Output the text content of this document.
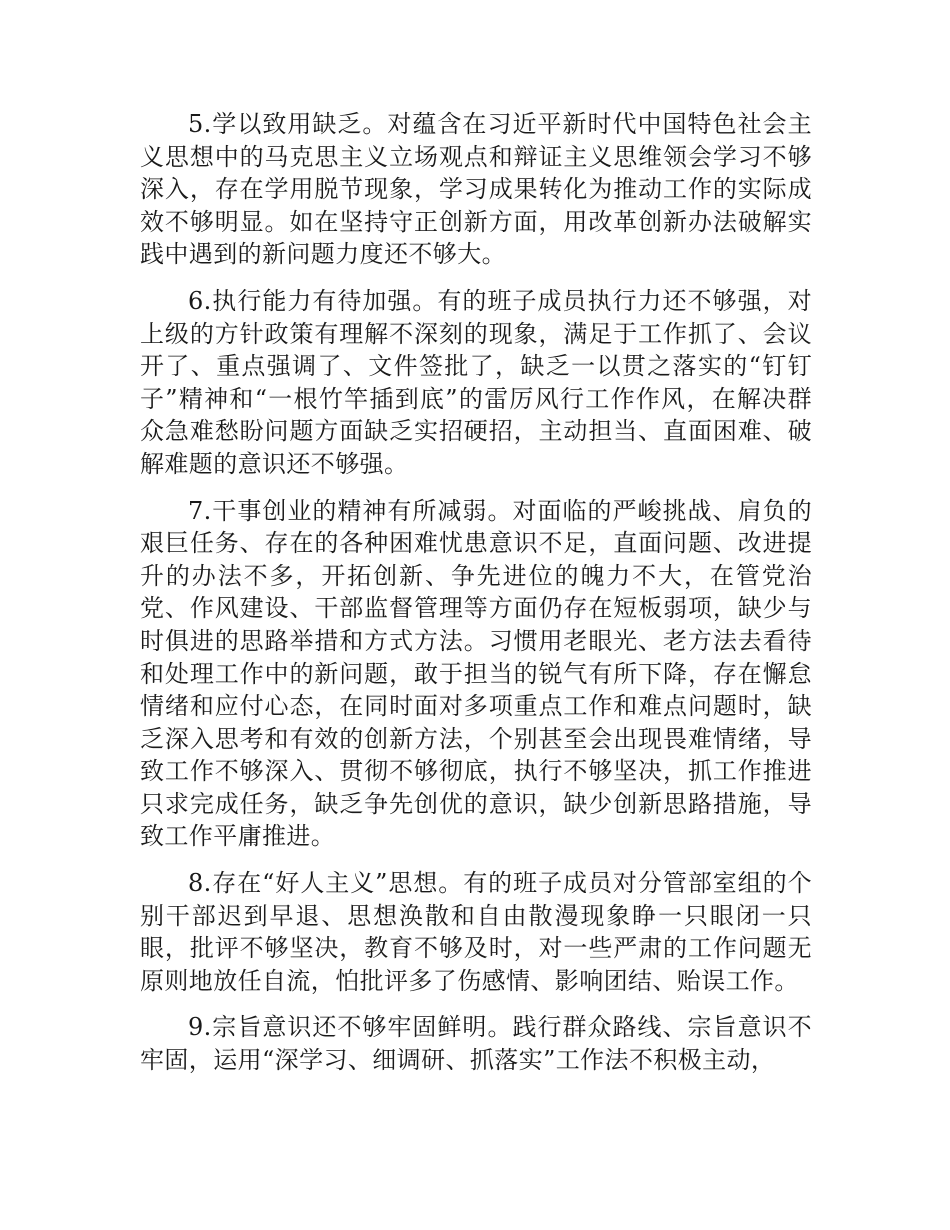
5.学以致用缺乏。对蕴含在习近平新时代中国特色社会主义思想中的马克思主义立场观点和辩证主义思维领会学习不够深入，存在学用脱节现象，学习成果转化为推动工作的实际成效不够明显。如在坚持守正创新方面，用改革创新办法破解实践中遇到的新问题力度还不够大。

6.执行能力有待加强。有的班子成员执行力还不够强，对上级的方针政策有理解不深刻的现象，满足于工作抓了、会议开了、重点强调了、文件签批了，缺乏一以贯之落实的“钉钉子”精神和“一根竹竿插到底”的雷厉风行工作作风，在解决群众急难愁盼问题方面缺乏实招硬招，主动担当、直面困难、破解难题的意识还不够强。

7.干事创业的精神有所减弱。对面临的严峻挑战、肩负的艰巨任务、存在的各种困难忧患意识不足，直面问题、改进提升的办法不多，开拓创新、争先进位的魄力不大，在管党治党、作风建设、干部监督管理等方面仍存在短板弱项，缺少与时俱进的思路举措和方式方法。习惯用老眼光、老方法去看待和处理工作中的新问题，敢于担当的锐气有所下降，存在懈怠情绪和应付心态，在同时面对多项重点工作和难点问题时，缺乏深入思考和有效的创新方法，个别甚至会出现畏难情绪，导致工作不够深入、贯彻不够彻底，执行不够坚决，抓工作推进只求完成任务，缺乏争先创优的意识，缺少创新思路措施，导致工作平庸推进。

8.存在“好人主义”思想。有的班子成员对分管部室组的个别干部迟到早退、思想涣散和自由散漫现象睁一只眼闭一只眼，批评不够坚决，教育不够及时，对一些严肃的工作问题无原则地放任自流，怕批评多了伤感情、影响团结、贻误工作。

9.宗旨意识还不够牢固鲜明。践行群众路线、宗旨意识不牢固，运用“深学习、细调研、抓落实”工作法不积极主动，
